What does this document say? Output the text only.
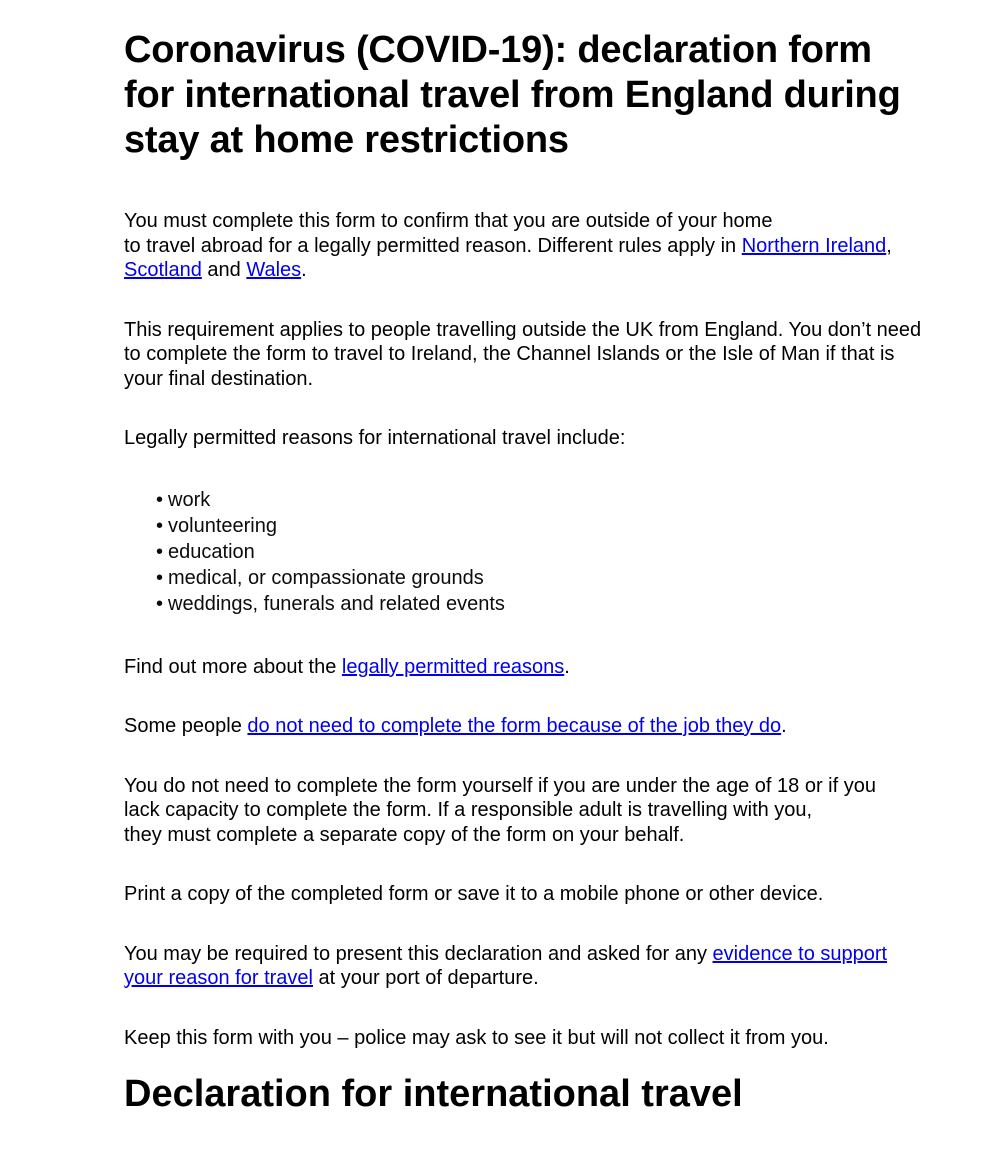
Coronavirus (COVID-19): declaration form for international travel from England during stay at home restrictions

You must complete this form to confirm that you are outside of your home
to travel abroad for a legally permitted reason. Different rules apply in Northern Ireland, Scotland and Wales.

This requirement applies to people travelling outside the UK from England. You don’t need to complete the form to travel to Ireland, the Channel Islands or the Isle of Man if that is your final destination.

Legally permitted reasons for international travel include:

• work
• volunteering
• education
• medical, or compassionate grounds
• weddings, funerals and related events

Find out more about the legally permitted reasons.

Some people do not need to complete the form because of the job they do.

You do not need to complete the form yourself if you are under the age of 18 or if you
lack capacity to complete the form. If a responsible adult is travelling with you,
they must complete a separate copy of the form on your behalf.

Print a copy of the completed form or save it to a mobile phone or other device.

You may be required to present this declaration and asked for any evidence to support your reason for travel at your port of departure.

Keep this form with you – police may ask to see it but will not collect it from you.

Declaration for international travel
